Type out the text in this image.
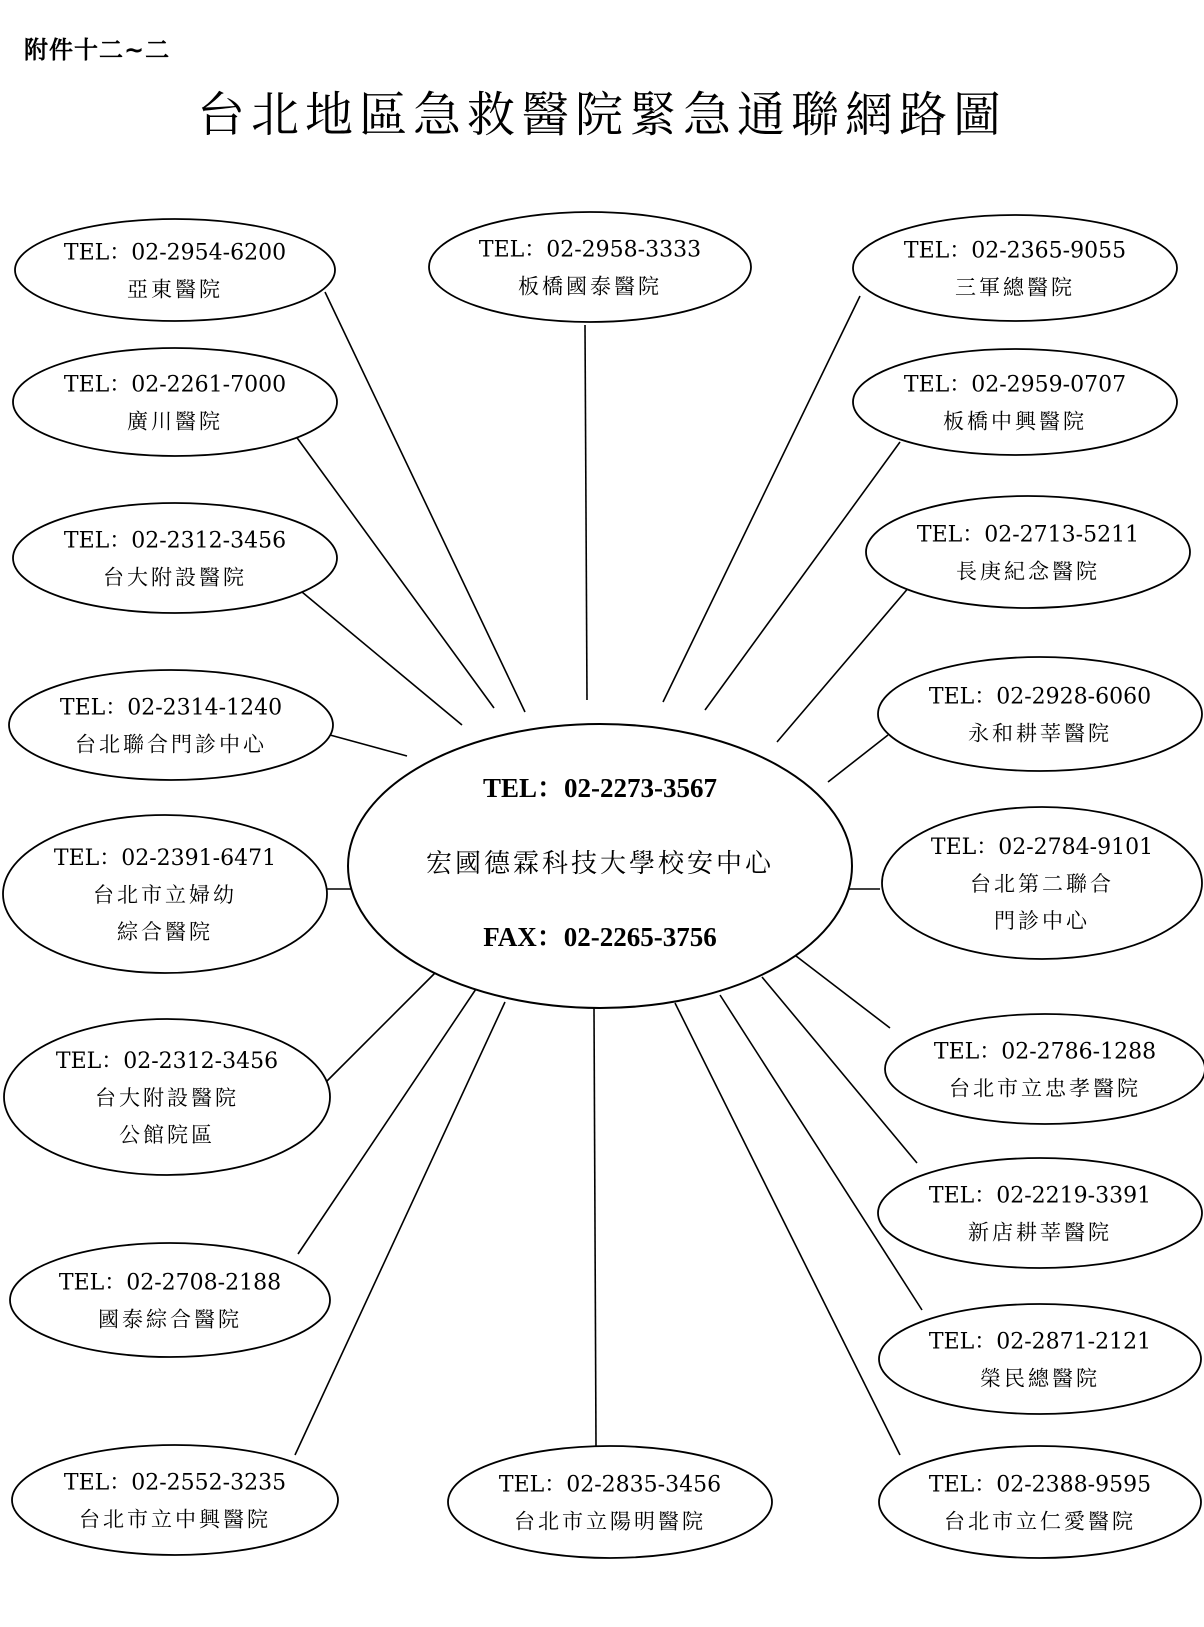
附件十二~二
台北地區急救醫院緊急通聯網路圖
TEL：02-2273-3567
宏國德霖科技大學校安中心
FAX：02-2265-3756
TEL：02-2954-6200
亞東醫院
TEL：02-2958-3333
板橋國泰醫院
TEL：02-2365-9055
三軍總醫院
TEL：02-2261-7000
廣川醫院
TEL：02-2959-0707
板橋中興醫院
TEL：02-2312-3456
台大附設醫院
TEL：02-2713-5211
長庚紀念醫院
TEL：02-2314-1240
台北聯合門診中心
TEL：02-2928-6060
永和耕莘醫院
TEL：02-2391-6471
台北市立婦幼
綜合醫院
TEL：02-2784-9101
台北第二聯合
門診中心
TEL：02-2312-3456
台大附設醫院
公館院區
TEL：02-2786-1288
台北市立忠孝醫院
TEL：02-2219-3391
新店耕莘醫院
TEL：02-2708-2188
國泰綜合醫院
TEL：02-2871-2121
榮民總醫院
TEL：02-2552-3235
台北市立中興醫院
TEL：02-2835-3456
台北市立陽明醫院
TEL：02-2388-9595
台北市立仁愛醫院
